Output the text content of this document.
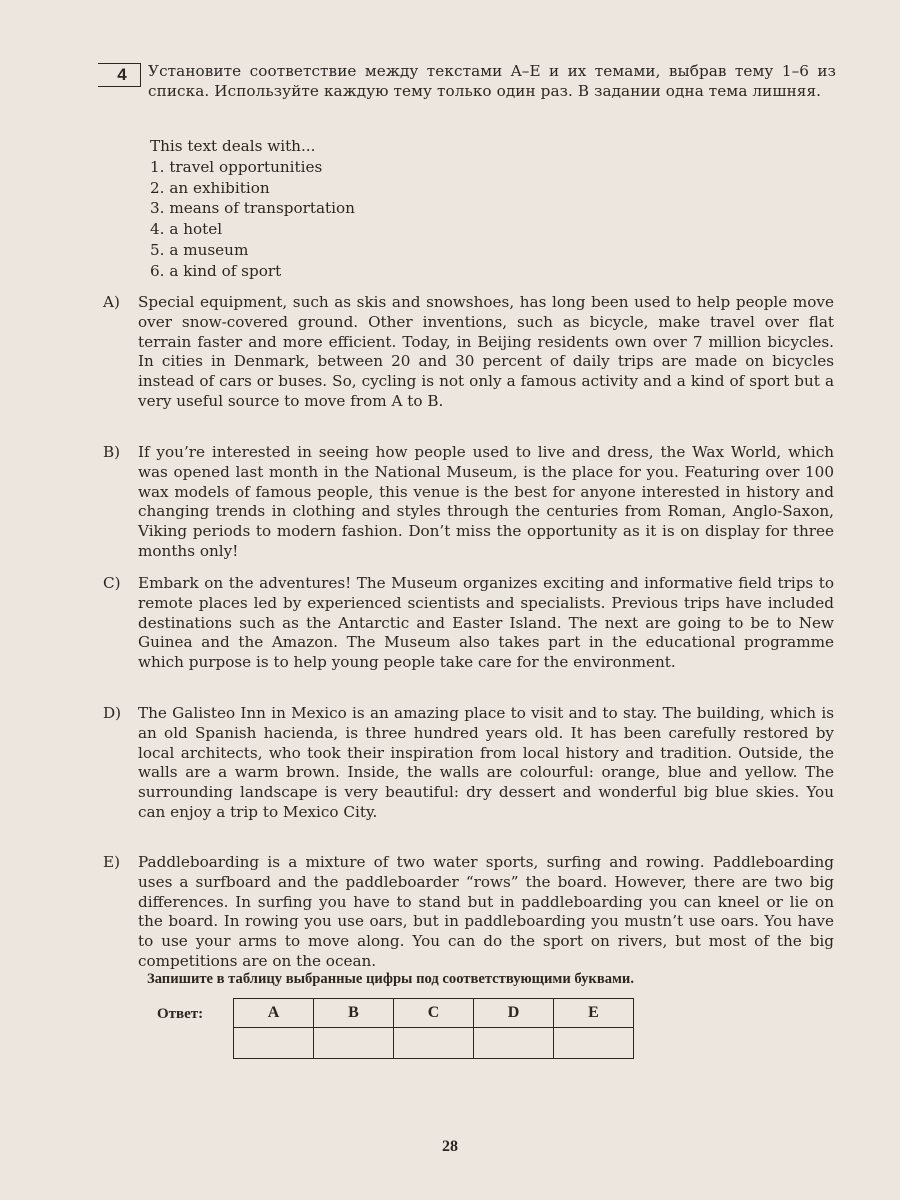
4	Установите соответствие между текстами A–E и их темами, выбрав тему 1–6 из списка. Используйте каждую тему только один раз. В задании одна тема лишняя.
This text deals with...
1. travel opportunities
2. an exhibition
3. means of transportation
4. a hotel
5. a museum
6. a kind of sport
A)	Special equipment, such as skis and snowshoes, has long been used to help people move over snow-covered ground. Other inventions, such as bicycle, make travel over flat terrain faster and more efficient. Today, in Beijing residents own over 7 million bicycles. In cities in Denmark, between 20 and 30 percent of daily trips are made on bicycles instead of cars or buses. So, cycling is not only a famous activity and a kind of sport but a very useful source to move from A to B.
B)	If you’re interested in seeing how people used to live and dress, the Wax World, which was opened last month in the National Museum, is the place for you. Featuring over 100 wax models of famous people, this venue is the best for anyone interested in history and changing trends in clothing and styles through the centuries from Roman, Anglo-Saxon, Viking periods to modern fashion. Don’t miss the opportunity as it is on display for three months only!
C)	Embark on the adventures! The Museum organizes exciting and informative field trips to remote places led by experienced scientists and specialists. Previous trips have included destinations such as the Antarctic and Easter Island. The next are going to be to New Guinea and the Amazon. The Museum also takes part in the educational programme which purpose is to help young people take care for the environment.
D)	The Galisteo Inn in Mexico is an amazing place to visit and to stay. The building, which is an old Spanish hacienda, is three hundred years old. It has been carefully restored by local architects, who took their inspiration from local history and tradition. Outside, the walls are a warm brown. Inside, the walls are colourful: orange, blue and yellow. The surrounding landscape is very beautiful: dry dessert and wonderful big blue skies. You can enjoy a trip to Mexico City.
E)	Paddleboarding is a mixture of two water sports, surfing and rowing. Paddleboarding uses a surfboard and the paddleboarder “rows” the board. However, there are two big differences. In surfing you have to stand but in paddleboarding you can kneel or lie on the board. In rowing you use oars, but in paddleboarding you mustn’t use oars. You have to use your arms to move along. You can do the sport on rivers, but most of the big competitions are on the ocean.
Запишите в таблицу выбранные цифры под соответствующими буквами.
Ответ:	A	B	C	D	E

28
